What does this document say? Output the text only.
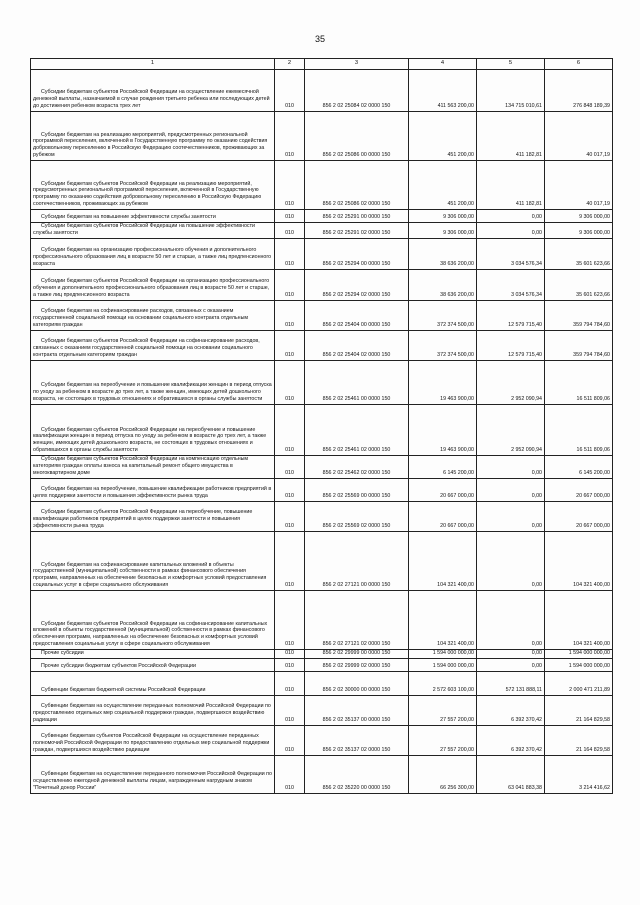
35
1	2	3	4	5	6
Субсидии бюджетам субъектов Российской Федерации на осуществление ежемесячной денежной выплаты, назначаемой в случае рождения третьего ребенка или последующих детей до достижения ребенком возраста трех лет	010	856 2 02 25084 02 0000 150	411 563 200,00	134 715 010,61	276 848 189,39
Субсидии бюджетам на реализацию мероприятий, предусмотренных региональной программой переселения, включенной в Государственную программу по оказанию содействия добровольному переселению в Российскую Федерацию соотечественников, проживающих за рубежом	010	856 2 02 25086 00 0000 150	451 200,00	411 182,81	40 017,19
Субсидии бюджетам субъектов Российской Федерации на реализацию мероприятий, предусмотренных региональной программой переселения, включенной в Государственную программу по оказанию содействия добровольному переселению в Российскую Федерацию соотечественников, проживающих за рубежом	010	856 2 02 25086 02 0000 150	451 200,00	411 182,81	40 017,19
Субсидии бюджетам на повышение эффективности службы занятости	010	856 2 02 25291 00 0000 150	9 306 000,00	0,00	9 306 000,00
Субсидии бюджетам субъектов Российской Федерации на повышение эффективности службы занятости	010	856 2 02 25291 02 0000 150	9 306 000,00	0,00	9 306 000,00
Субсидии бюджетам на организацию профессионального обучения и дополнительного профессионального образования лиц в возрасте 50 лет и старше, а также лиц предпенсионного возраста	010	856 2 02 25294 00 0000 150	38 636 200,00	3 034 576,34	35 601 623,66
Субсидии бюджетам субъектов Российской Федерации на организацию профессионального обучения и дополнительного профессионального образования лиц в возрасте 50 лет и старше, а также лиц предпенсионного возраста	010	856 2 02 25294 02 0000 150	38 636 200,00	3 034 576,34	35 601 623,66
Субсидии бюджетам на софинансирование расходов, связанных с оказанием государственной социальной помощи на основании социального контракта отдельным категориям граждан	010	856 2 02 25404 00 0000 150	372 374 500,00	12 579 715,40	359 794 784,60
Субсидии бюджетам субъектов Российской Федерации на софинансирование расходов, связанных с оказанием государственной социальной помощи на основании социального контракта отдельным категориям граждан	010	856 2 02 25404 02 0000 150	372 374 500,00	12 579 715,40	359 794 784,60
Субсидии бюджетам на переобучение и повышение квалификации женщин в период отпуска по уходу за ребенком в возрасте до трех лет, а также женщин, имеющих детей дошкольного возраста, не состоящих в трудовых отношениях и обратившихся в органы службы занятости	010	856 2 02 25461 00 0000 150	19 463 900,00	2 952 090,94	16 511 809,06
Субсидии бюджетам субъектов Российской Федерации на переобучение и повышение квалификации женщин в период отпуска по уходу за ребенком в возрасте до трех лет, а также женщин, имеющих детей дошкольного возраста, не состоящих в трудовых отношениях и обратившихся в органы службы занятости	010	856 2 02 25461 02 0000 150	19 463 900,00	2 952 090,94	16 511 809,06
Субсидии бюджетам субъектов Российской Федерации на компенсацию отдельным категориям граждан оплаты взноса на капитальный ремонт общего имущества в многоквартирном доме	010	856 2 02 25462 02 0000 150	6 145 200,00	0,00	6 145 200,00
Субсидии бюджетам на переобучение, повышение квалификации работников предприятий в целях поддержки занятости и повышения эффективности рынка труда	010	856 2 02 25569 00 0000 150	20 667 000,00	0,00	20 667 000,00
Субсидии бюджетам субъектов Российской Федерации на переобучение, повышение квалификации работников предприятий в целях поддержки занятости и повышения эффективности рынка труда	010	856 2 02 25569 02 0000 150	20 667 000,00	0,00	20 667 000,00
Субсидии бюджетам на софинансирование капитальных вложений в объекты государственной (муниципальной) собственности в рамках финансового обеспечения программ, направленных на обеспечение безопасных и комфортных условий предоставления социальных услуг в сфере социального обслуживания	010	856 2 02 27121 00 0000 150	104 321 400,00	0,00	104 321 400,00
Субсидии бюджетам субъектов Российской Федерации на софинансирование капитальных вложений в объекты государственной (муниципальной) собственности в рамках финансового обеспечения программ, направленных на обеспечение безопасных и комфортных условий предоставления социальных услуг в сфере социального обслуживания	010	856 2 02 27121 02 0000 150	104 321 400,00	0,00	104 321 400,00
Прочие субсидии	010	856 2 02 29999 00 0000 150	1 594 000 000,00	0,00	1 594 000 000,00
Прочие субсидии бюджетам субъектов Российской Федерации	010	856 2 02 29999 02 0000 150	1 594 000 000,00	0,00	1 594 000 000,00
Субвенции бюджетам бюджетной системы Российской Федерации	010	856 2 02 30000 00 0000 150	2 572 603 100,00	572 131 888,11	2 000 471 211,89
Субвенции бюджетам на осуществление переданных полномочий Российской Федерации по предоставлению отдельных мер социальной поддержки граждан, подвергшихся воздействию радиации	010	856 2 02 35137 00 0000 150	27 557 200,00	6 392 370,42	21 164 829,58
Субвенции бюджетам субъектов Российской Федерации на осуществление переданных полномочий Российской Федерации по предоставлению отдельных мер социальной поддержки граждан, подвергшихся воздействию радиации	010	856 2 02 35137 02 0000 150	27 557 200,00	6 392 370,42	21 164 829,58
Субвенции бюджетам на осуществление переданного полномочия Российской Федерации по осуществлению ежегодной денежной выплаты лицам, награжденным нагрудным знаком "Почетный донор России"	010	856 2 02 35220 00 0000 150	66 256 300,00	63 041 883,38	3 214 416,62
